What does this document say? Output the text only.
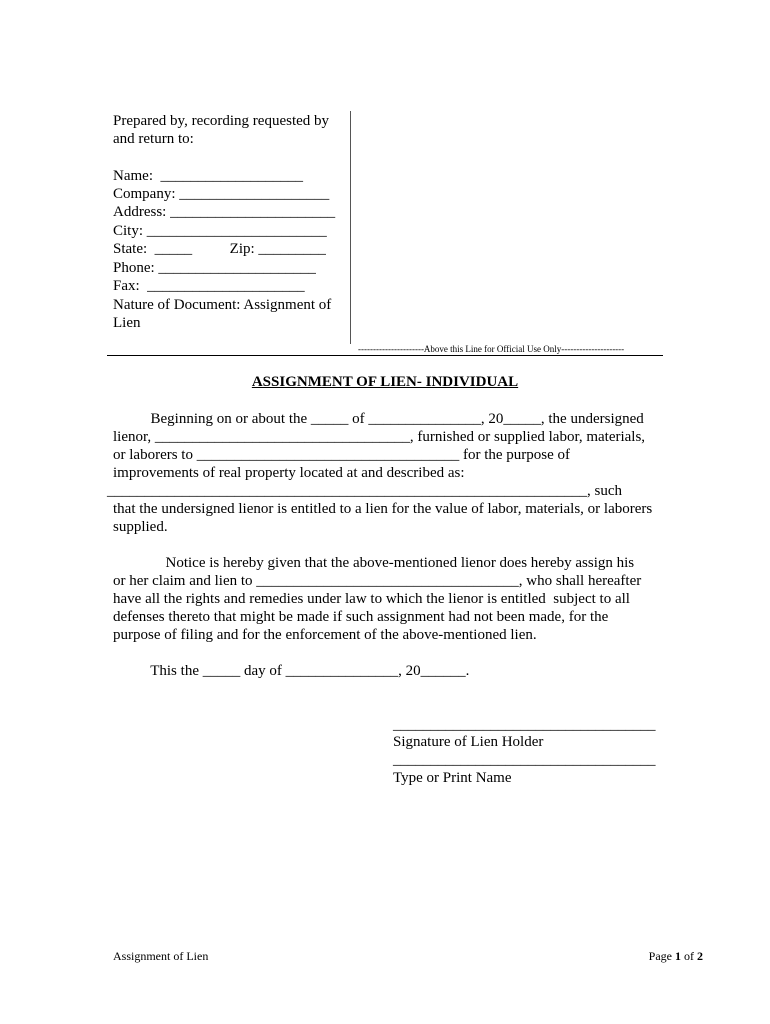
Prepared by, recording requested by
and return to:
Name:  ___________________
Company: ____________________
Address: ______________________
City: ________________________
State:  _____          Zip: _________
Phone: _____________________
Fax:  _____________________
Nature of Document: Assignment of
Lien
----------------------Above this Line for Official Use Only---------------------
ASSIGNMENT OF LIEN- INDIVIDUAL
Beginning on or about the _____ of _______________, 20_____, the undersigned
lienor, __________________________________, furnished or supplied labor, materials,
or laborers to ___________________________________ for the purpose of
improvements of real property located at and described as:
________________________________________________________________, such
that the undersigned lienor is entitled to a lien for the value of labor, materials, or laborers
supplied.
Notice is hereby given that the above-mentioned lienor does hereby assign his
or her claim and lien to ___________________________________, who shall hereafter
have all the rights and remedies under law to which the lienor is entitled  subject to all
defenses thereto that might be made if such assignment had not been made, for the
purpose of filing and for the enforcement of the above-mentioned lien.
This the _____ day of _______________, 20______.
___________________________________
Signature of Lien Holder
___________________________________
Type or Print Name
Assignment of Lien	Page 1 of 2
